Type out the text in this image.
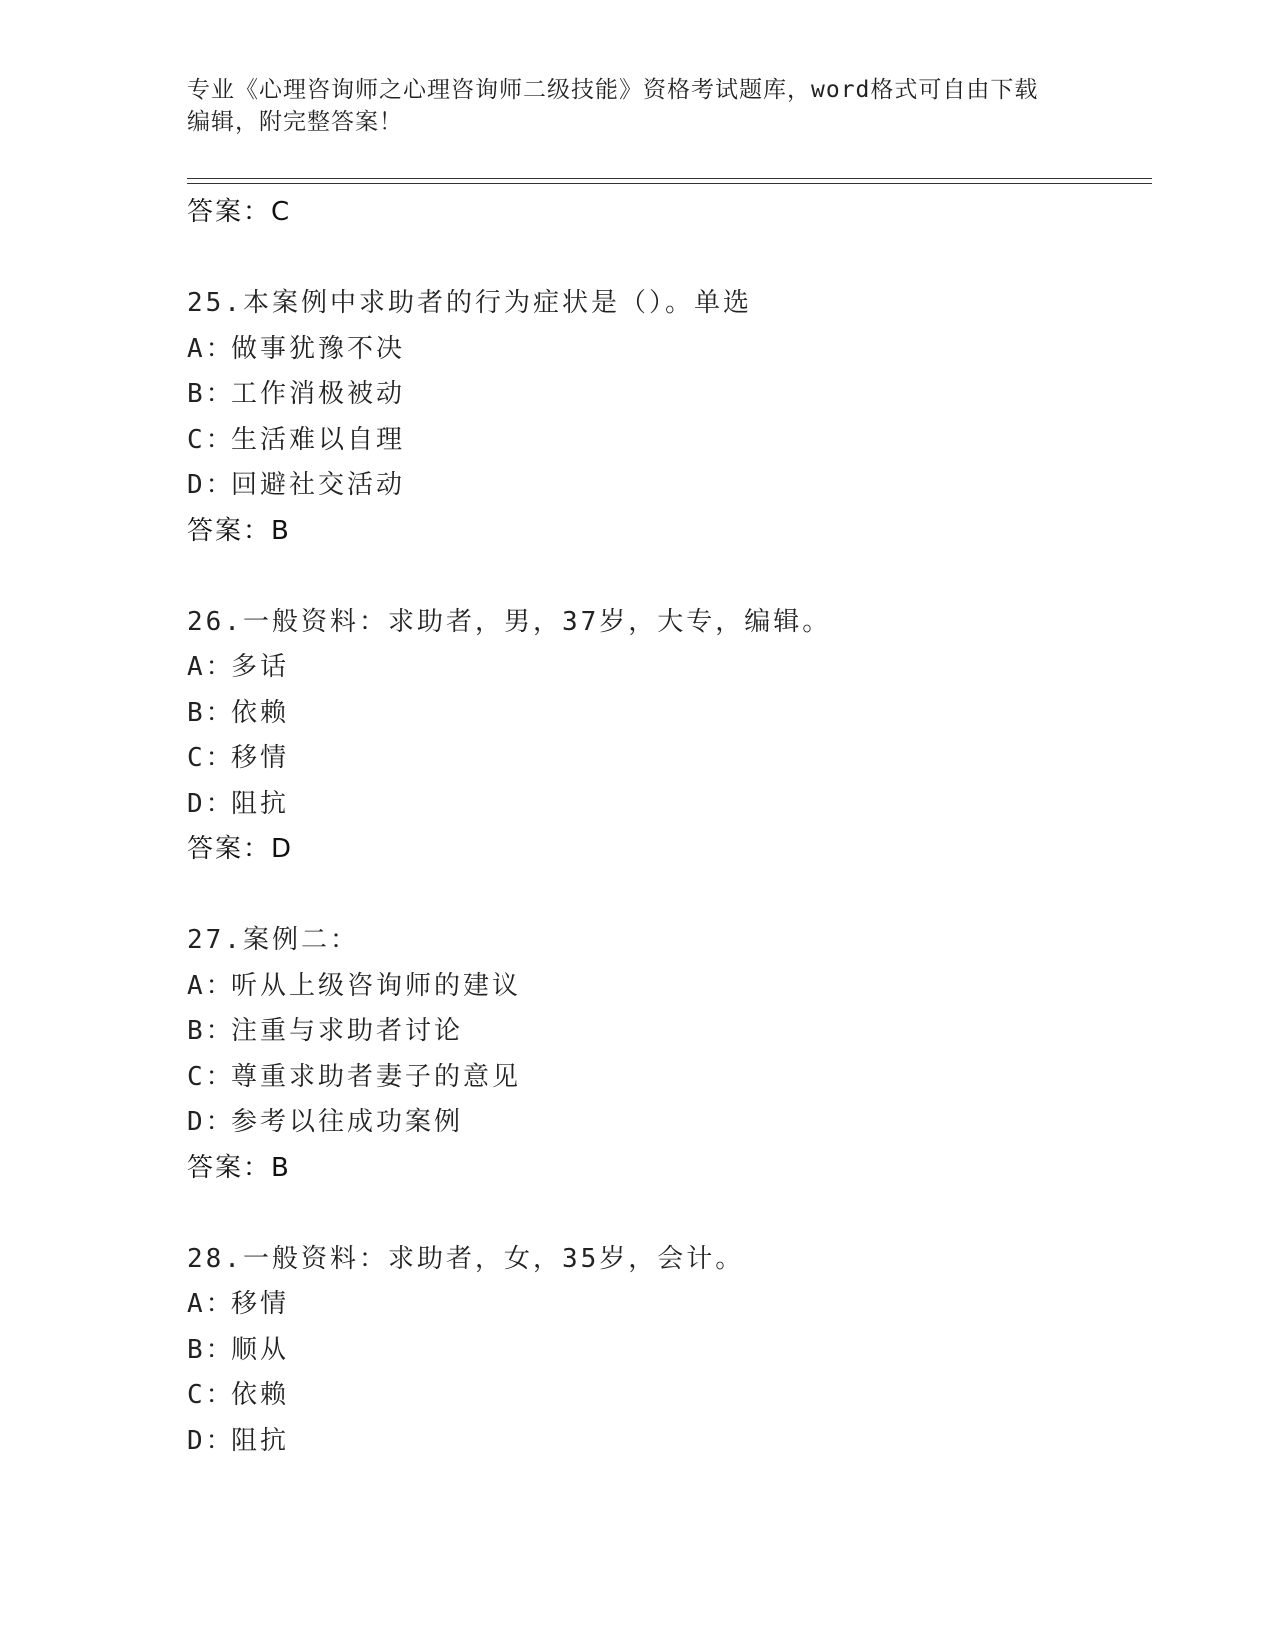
专业《心理咨询师之心理咨询师二级技能》资格考试题库，word格式可自由下载
编辑，附完整答案！
答案：C
25.本案例中求助者的行为症状是（）。单选
A：做事犹豫不决
B：工作消极被动
C：生活难以自理
D：回避社交活动
答案：B
26.一般资料：求助者，男，37岁，大专，编辑。
A：多话
B：依赖
C：移情
D：阻抗
答案：D
27.案例二：
A：听从上级咨询师的建议
B：注重与求助者讨论
C：尊重求助者妻子的意见
D：参考以往成功案例
答案：B
28.一般资料：求助者，女，35岁，会计。
A：移情
B：顺从
C：依赖
D：阻抗
